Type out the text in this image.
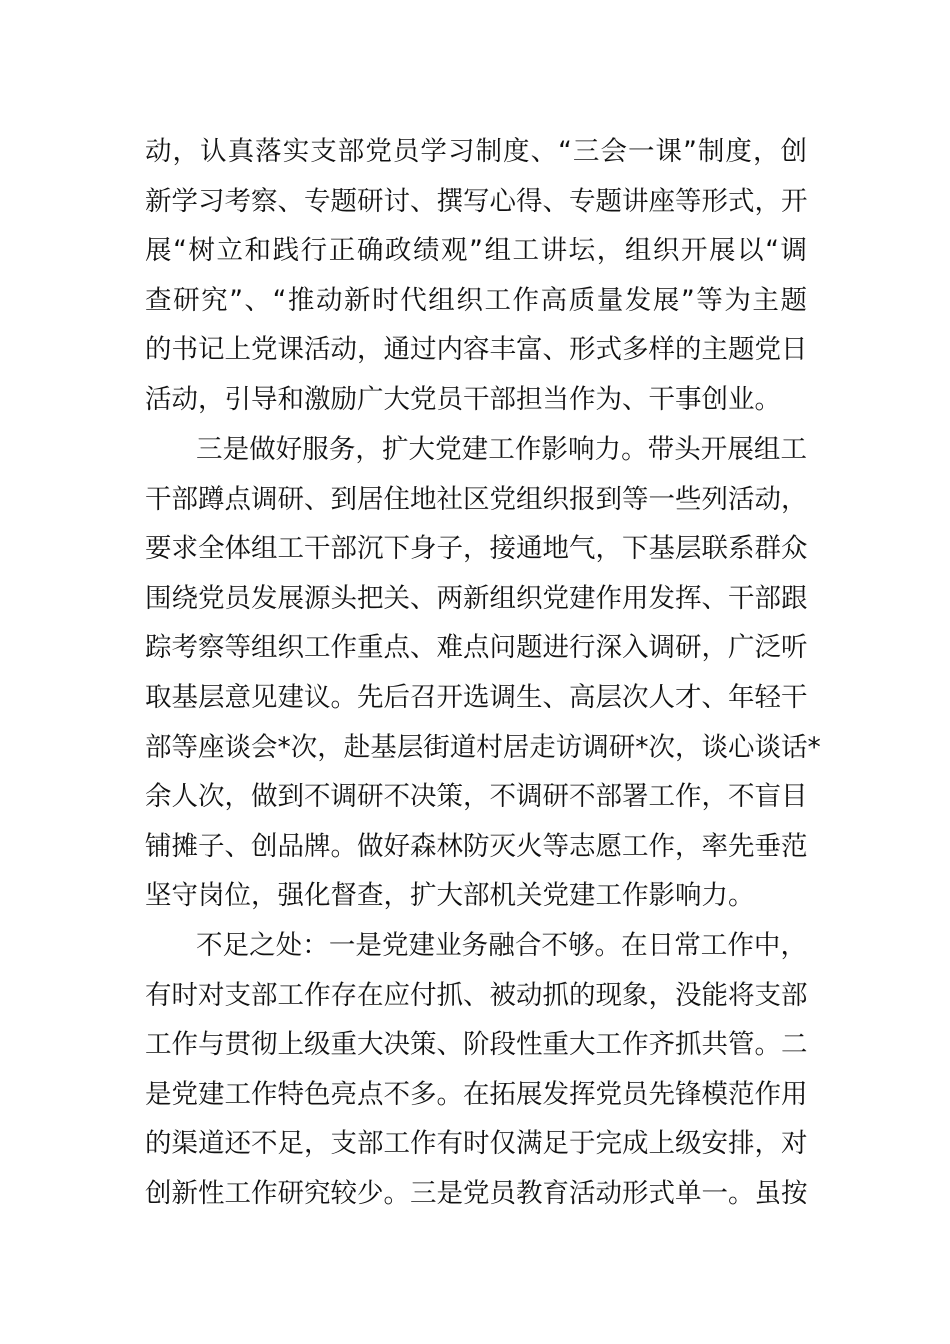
动，认真落实支部党员学习制度、“三会一课”制度，创
新学习考察、专题研讨、撰写心得、专题讲座等形式，开
展“树立和践行正确政绩观”组工讲坛，组织开展以“调
查研究”、“推动新时代组织工作高质量发展”等为主题
的书记上党课活动，通过内容丰富、形式多样的主题党日
活动，引导和激励广大党员干部担当作为、干事创业。
三是做好服务，扩大党建工作影响力。带头开展组工
干部蹲点调研、到居住地社区党组织报到等一些列活动，
要求全体组工干部沉下身子，接通地气，下基层联系群众
围绕党员发展源头把关、两新组织党建作用发挥、干部跟
踪考察等组织工作重点、难点问题进行深入调研，广泛听
取基层意见建议。先后召开选调生、高层次人才、年轻干
部等座谈会*次，赴基层街道村居走访调研*次，谈心谈话*
余人次，做到不调研不决策，不调研不部署工作，不盲目
铺摊子、创品牌。做好森林防灭火等志愿工作，率先垂范
坚守岗位，强化督查，扩大部机关党建工作影响力。
不足之处：一是党建业务融合不够。在日常工作中，
有时对支部工作存在应付抓、被动抓的现象，没能将支部
工作与贯彻上级重大决策、阶段性重大工作齐抓共管。二
是党建工作特色亮点不多。在拓展发挥党员先锋模范作用
的渠道还不足，支部工作有时仅满足于完成上级安排，对
创新性工作研究较少。三是党员教育活动形式单一。虽按
